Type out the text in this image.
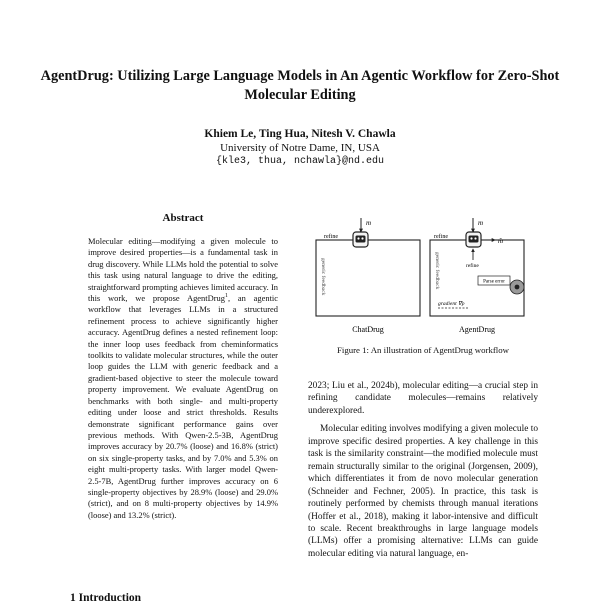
AgentDrug: Utilizing Large Language Models in An Agentic Workflow for Zero-Shot Molecular Editing
Khiem Le, Ting Hua, Nitesh V. Chawla
University of Notre Dame, IN, USA
{kle3, thua, nchawla}@nd.edu
Abstract

Molecular editing—modifying a given molecule to improve desired properties—is a fundamental task in drug discovery. While LLMs hold the potential to solve this task using natural language to drive the editing, straightforward prompting achieves limited accuracy. In this work, we propose AgentDrug$^1$, an agentic workflow that leverages LLMs in a structured refinement process to achieve significantly higher accuracy. AgentDrug defines a nested refinement loop: the inner loop uses feedback from cheminformatics toolkits to validate molecular structures, while the outer loop guides the LLM with generic feedback and a gradient-based objective to steer the molecule toward property improvement. We evaluate AgentDrug on benchmarks with both single- and multi-property editing under loose and strict thresholds. Results demonstrate significant performance gains over previous methods. With Qwen-2.5-3B, AgentDrug improves accuracy by 20.7% (loose) and 16.8% (strict) on six single-property tasks, and by 7.0% and 5.3% on eight multi-property tasks. With larger model Qwen-2.5-7B, AgentDrug further improves accuracy on 6 single-property objectives by 28.9% (loose) and 29.0% (strict), and on 8 multi-property objectives by 14.9% (loose) and 13.2% (strict).

1 Introduction
m
refine
generic feedback
ChatDrug
m
m̂
refine
refine
Parse error
generic feedback
gradient ∇p
AgentDrug
Figure 1: An illustration of AgentDrug workflow

2023; Liu et al., 2024b), molecular editing—a crucial step in refining candidate molecules—remains relatively underexplored.

Molecular editing involves modifying a given molecule to improve specific desired properties. A key challenge in this task is the similarity constraint—the modified molecule must remain structurally similar to the original (Jorgensen, 2009), which differentiates it from de novo molecular generation (Schneider and Fechner, 2005). In practice, this task is routinely performed by chemists through manual iterations (Hoffer et al., 2018), making it labor-intensive and difficult to scale. Recent breakthroughs in large language models (LLMs) offer a promising alternative: LLMs can guide molecular editing via natural language, en-
